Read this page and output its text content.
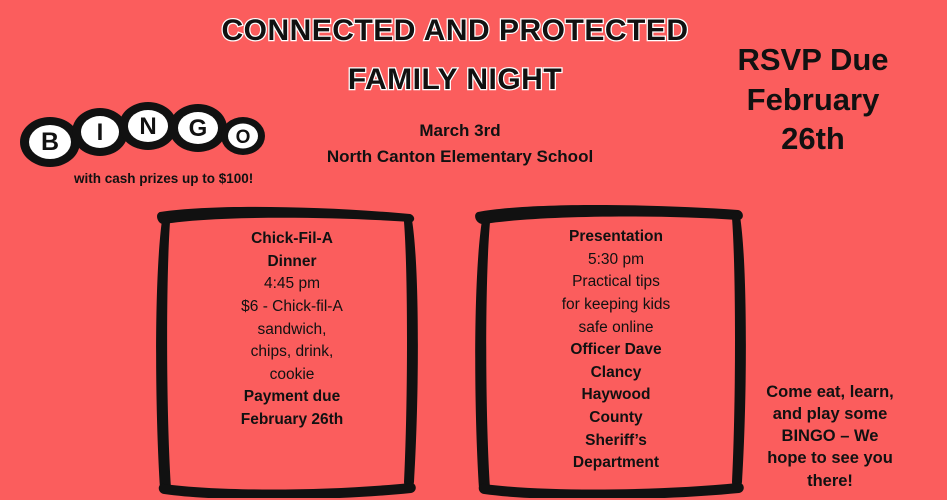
CONNECTED AND PROTECTED
FAMILY NIGHT
March 3rd
North Canton Elementary School
B I N G O
with cash prizes up to $100!
RSVP Due
February
26th
Chick-Fil-A
Dinner
4:45 pm
$6 - Chick-fil-A
sandwich,
chips, drink,
cookie
Payment due
February 26th
Presentation
5:30 pm
Practical tips
for keeping kids
safe online
Officer Dave
Clancy
Haywood
County
Sheriff’s
Department
Come eat, learn,
and play some
BINGO – We
hope to see you
there!
